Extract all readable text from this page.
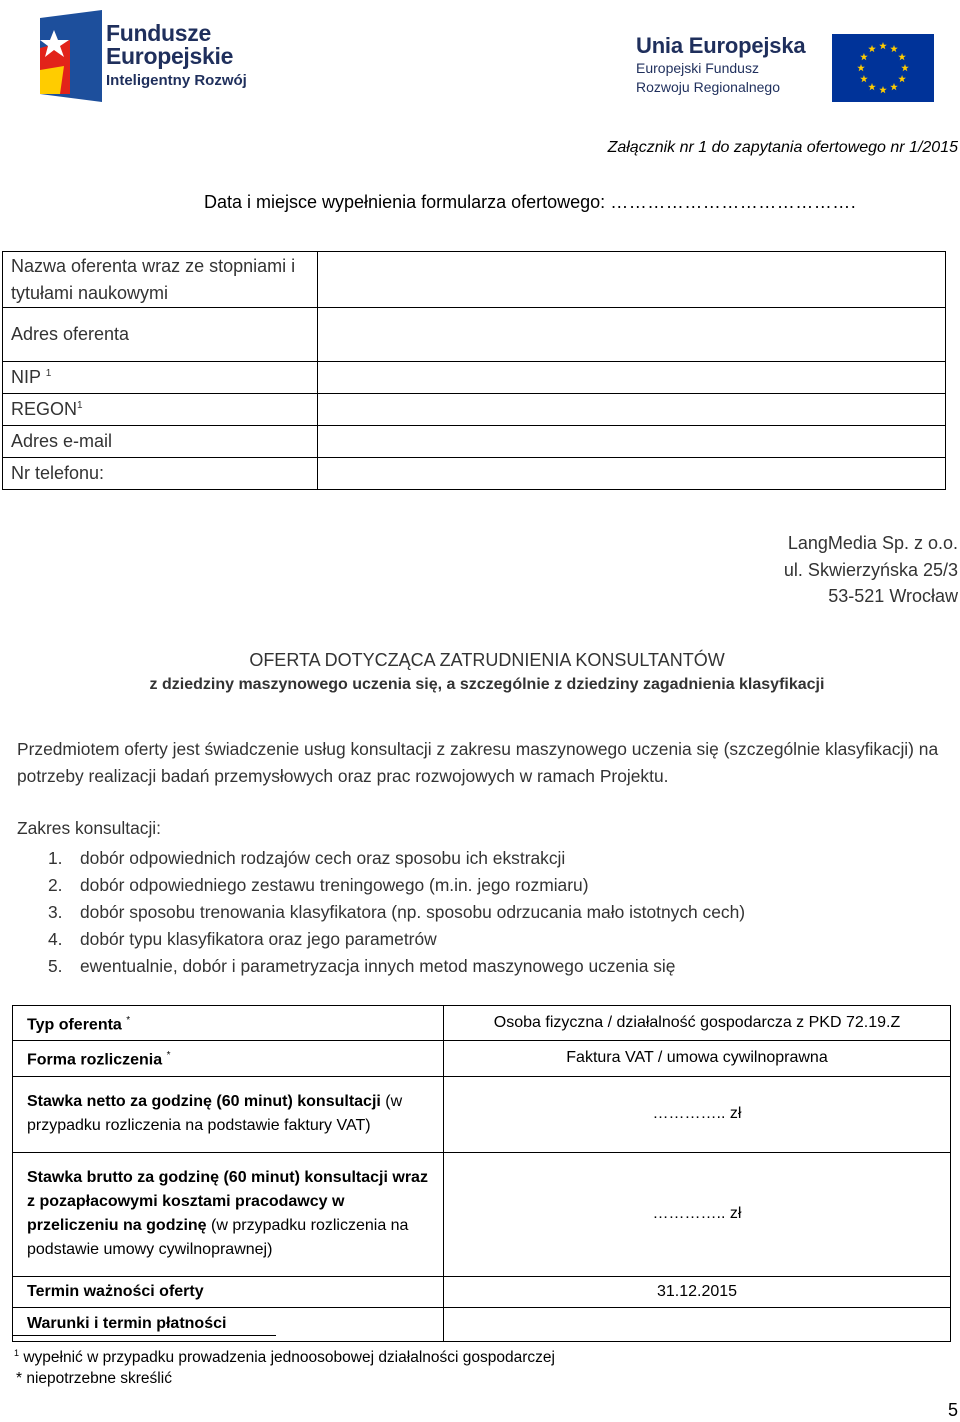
Fundusze
Europejskie
Inteligentny Rozwój
Unia Europejska
Europejski Fundusz
Rozwoju Regionalnego
Załącznik nr 1 do zapytania ofertowego nr 1/2015
Data i miejsce wypełnienia formularza ofertowego: ………………………………….
Nazwa oferenta wraz ze stopniami i tytułami naukowymi	
Adres oferenta	
NIP $^1$	
REGON$^1$	
Adres e-mail	
Nr telefonu:	
LangMedia Sp. z o.o.
ul. Skwierzyńska 25/3
53-521 Wrocław
OFERTA DOTYCZĄCA ZATRUDNIENIA KONSULTANTÓW
z dziedziny maszynowego uczenia się, a szczególnie z dziedziny zagadnienia klasyfikacji
Przedmiotem oferty jest świadczenie usług konsultacji z zakresu maszynowego uczenia się (szczególnie klasyfikacji) na potrzeby realizacji badań przemysłowych oraz prac rozwojowych w ramach Projektu.
Zakres konsultacji:
1. dobór odpowiednich rodzajów cech oraz sposobu ich ekstrakcji
2. dobór odpowiedniego zestawu treningowego (m.in. jego rozmiaru)
3. dobór sposobu trenowania klasyfikatora (np. sposobu odrzucania mało istotnych cech)
4. dobór typu klasyfikatora oraz jego parametrów
5. ewentualnie, dobór i parametryzacja innych metod maszynowego uczenia się
Typ oferenta *	Osoba fizyczna / działalność gospodarcza z PKD 72.19.Z
Forma rozliczenia *	Faktura VAT / umowa cywilnoprawna
Stawka netto za godzinę (60 minut) konsultacji (w przypadku rozliczenia na podstawie faktury VAT)	………….. zł
Stawka brutto za godzinę (60 minut) konsultacji wraz z pozapłacowymi kosztami pracodawcy w przeliczeniu na godzinę (w przypadku rozliczenia na podstawie umowy cywilnoprawnej)	………….. zł
Termin ważności oferty	31.12.2015
Warunki i termin płatności	
$^1$ wypełnić w przypadku prowadzenia jednoosobowej działalności gospodarczej
* niepotrzebne skreślić
5
